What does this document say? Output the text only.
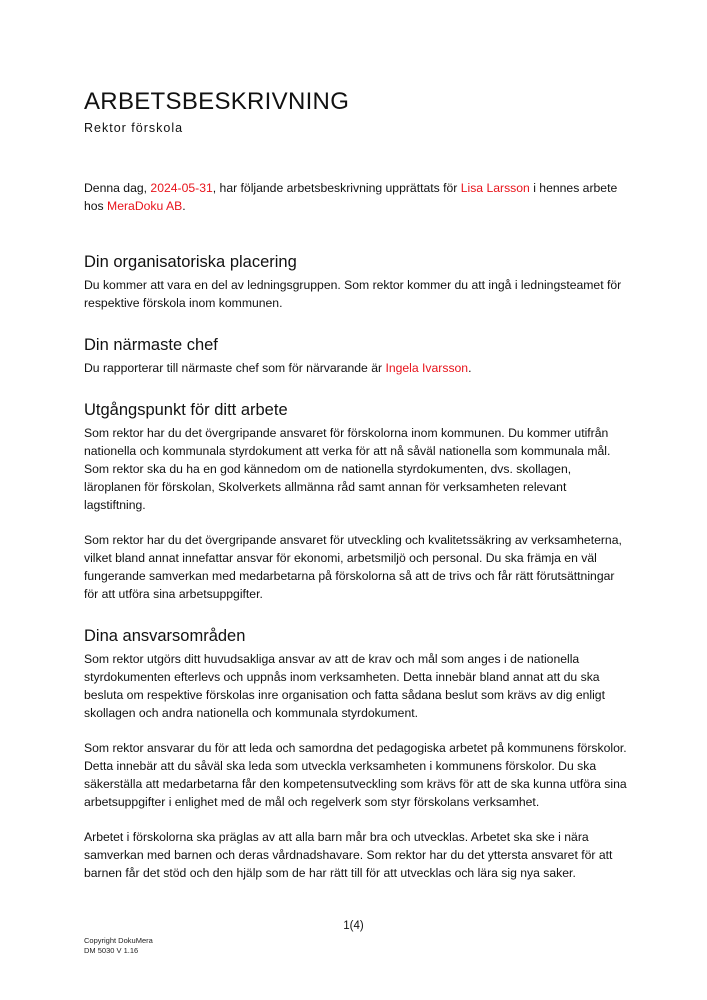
ARBETSBESKRIVNING
Rektor förskola
Denna dag, 2024-05-31, har följande arbetsbeskrivning upprättats för Lisa Larsson i hennes arbete hos MeraDoku AB.
Din organisatoriska placering

Du kommer att vara en del av ledningsgruppen. Som rektor kommer du att ingå i ledningsteamet för respektive förskola inom kommunen.

Din närmaste chef

Du rapporterar till närmaste chef som för närvarande är Ingela Ivarsson.

Utgångspunkt för ditt arbete

Som rektor har du det övergripande ansvaret för förskolorna inom kommunen. Du kommer utifrån nationella och kommunala styrdokument att verka för att nå såväl nationella som kommunala mål. Som rektor ska du ha en god kännedom om de nationella styrdokumenten, dvs. skollagen, läroplanen för förskolan, Skolverkets allmänna råd samt annan för verksamheten relevant lagstiftning.

Som rektor har du det övergripande ansvaret för utveckling och kvalitetssäkring av verksamheterna, vilket bland annat innefattar ansvar för ekonomi, arbetsmiljö och personal. Du ska främja en väl fungerande samverkan med medarbetarna på förskolorna så att de trivs och får rätt förutsättningar för att utföra sina arbetsuppgifter.

Dina ansvarsområden

Som rektor utgörs ditt huvudsakliga ansvar av att de krav och mål som anges i de nationella styrdokumenten efterlevs och uppnås inom verksamheten. Detta innebär bland annat att du ska besluta om respektive förskolas inre organisation och fatta sådana beslut som krävs av dig enligt skollagen och andra nationella och kommunala styrdokument.

Som rektor ansvarar du för att leda och samordna det pedagogiska arbetet på kommunens förskolor. Detta innebär att du såväl ska leda som utveckla verksamheten i kommunens förskolor. Du ska säkerställa att medarbetarna får den kompetensutveckling som krävs för att de ska kunna utföra sina arbetsuppgifter i enlighet med de mål och regelverk som styr förskolans verksamhet.

Arbetet i förskolorna ska präglas av att alla barn mår bra och utvecklas. Arbetet ska ske i nära samverkan med barnen och deras vårdnadshavare. Som rektor har du det yttersta ansvaret för att barnen får det stöd och den hjälp som de har rätt till för att utvecklas och lära sig nya saker.

1(4)
Copyright DokuMera
DM 5030 V 1.16
